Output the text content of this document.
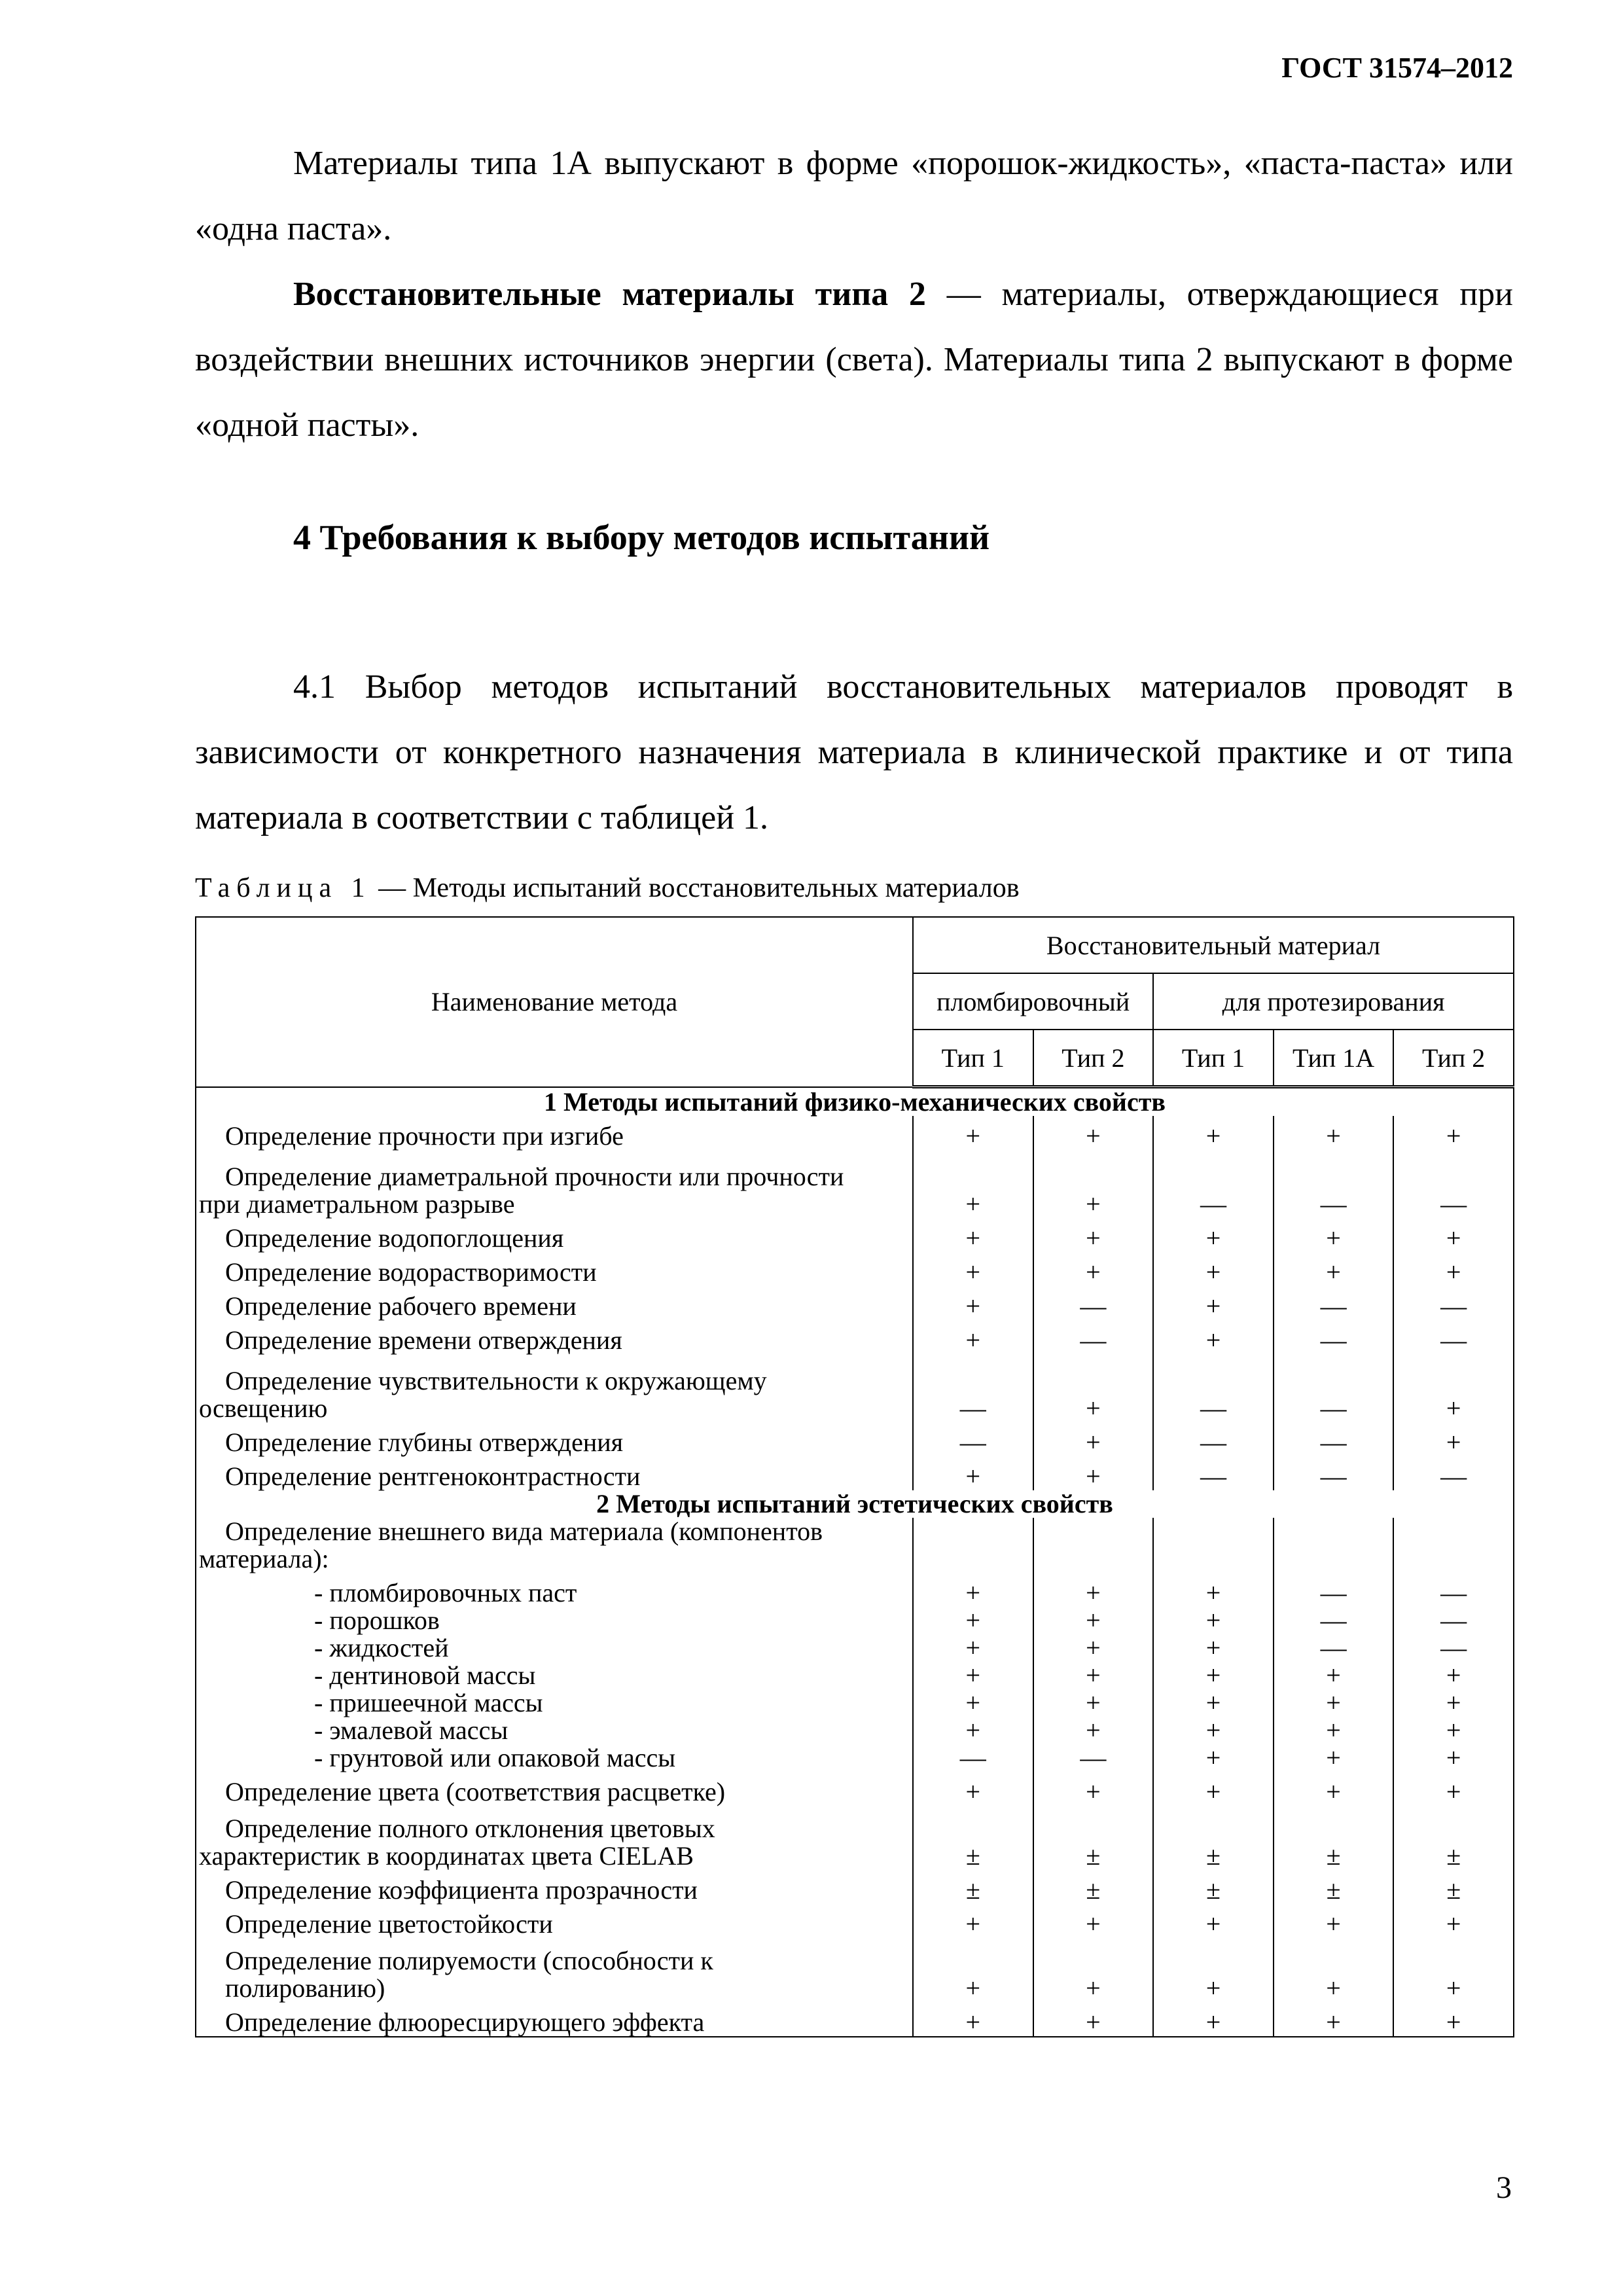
ГОСТ 31574–2012

Материалы типа 1А выпускают в форме «порошок-жидкость», «паста-паста» или «одна паста».

Восстановительные материалы типа 2 — материалы, отверждающиеся при воздействии внешних источников энергии (света). Материалы типа 2 выпускают в форме «одной пасты».

4 Требования к выбору методов испытаний

4.1 Выбор методов испытаний восстановительных материалов проводят в зависимости от конкретного назначения материала в клинической практике и от типа материала в соответствии с таблицей 1.

Таблица 1 — Методы испытаний восстановительных материалов
Наименование метода	Восстановительный материал				
	пломбировочный		для протезирования		
	Тип 1	Тип 2	Тип 1	Тип 1А	Тип 2
1 Методы испытаний физико-механических свойств					

Определение прочности при изгибе	+	+	+	+	+

Определение диаметральной прочности или прочности
при диаметральном разрыве	+	+	—	—	—

Определение водопоглощения	+	+	+	+	+

Определение водорастворимости	+	+	+	+	+

Определение рабочего времени	+	—	+	—	—

Определение времени отверждения	+	—	+	—	—

Определение чувствительности к окружающему
освещению	—	+	—	—	+

Определение глубины отверждения	—	+	—	—	+

Определение рентгеноконтрастности	+	+	—	—	—
2 Методы испытаний эстетических свойств					

Определение внешнего вида материала (компонентов
материала):					

- пломбировочных паст	+	+	+	—	—

- порошков	+	+	+	—	—

- жидкостей	+	+	+	—	—

- дентиновой массы	+	+	+	+	+

- пришеечной массы	+	+	+	+	+

- эмалевой массы	+	+	+	+	+

- грунтовой или опаковой массы	—	—	+	+	+

Определение цвета (соответствия расцветке)	+	+	+	+	+

Определение полного отклонения цветовых
характеристик в координатах цвета CIELAB	±	±	±	±	±

Определение коэффициента прозрачности	±	±	±	±	±

Определение цветостойкости	+	+	+	+	+

Определение полируемости (способности к
полированию)	+	+	+	+	+

Определение флюоресцирующего эффекта	+	+	+	+	+
3
